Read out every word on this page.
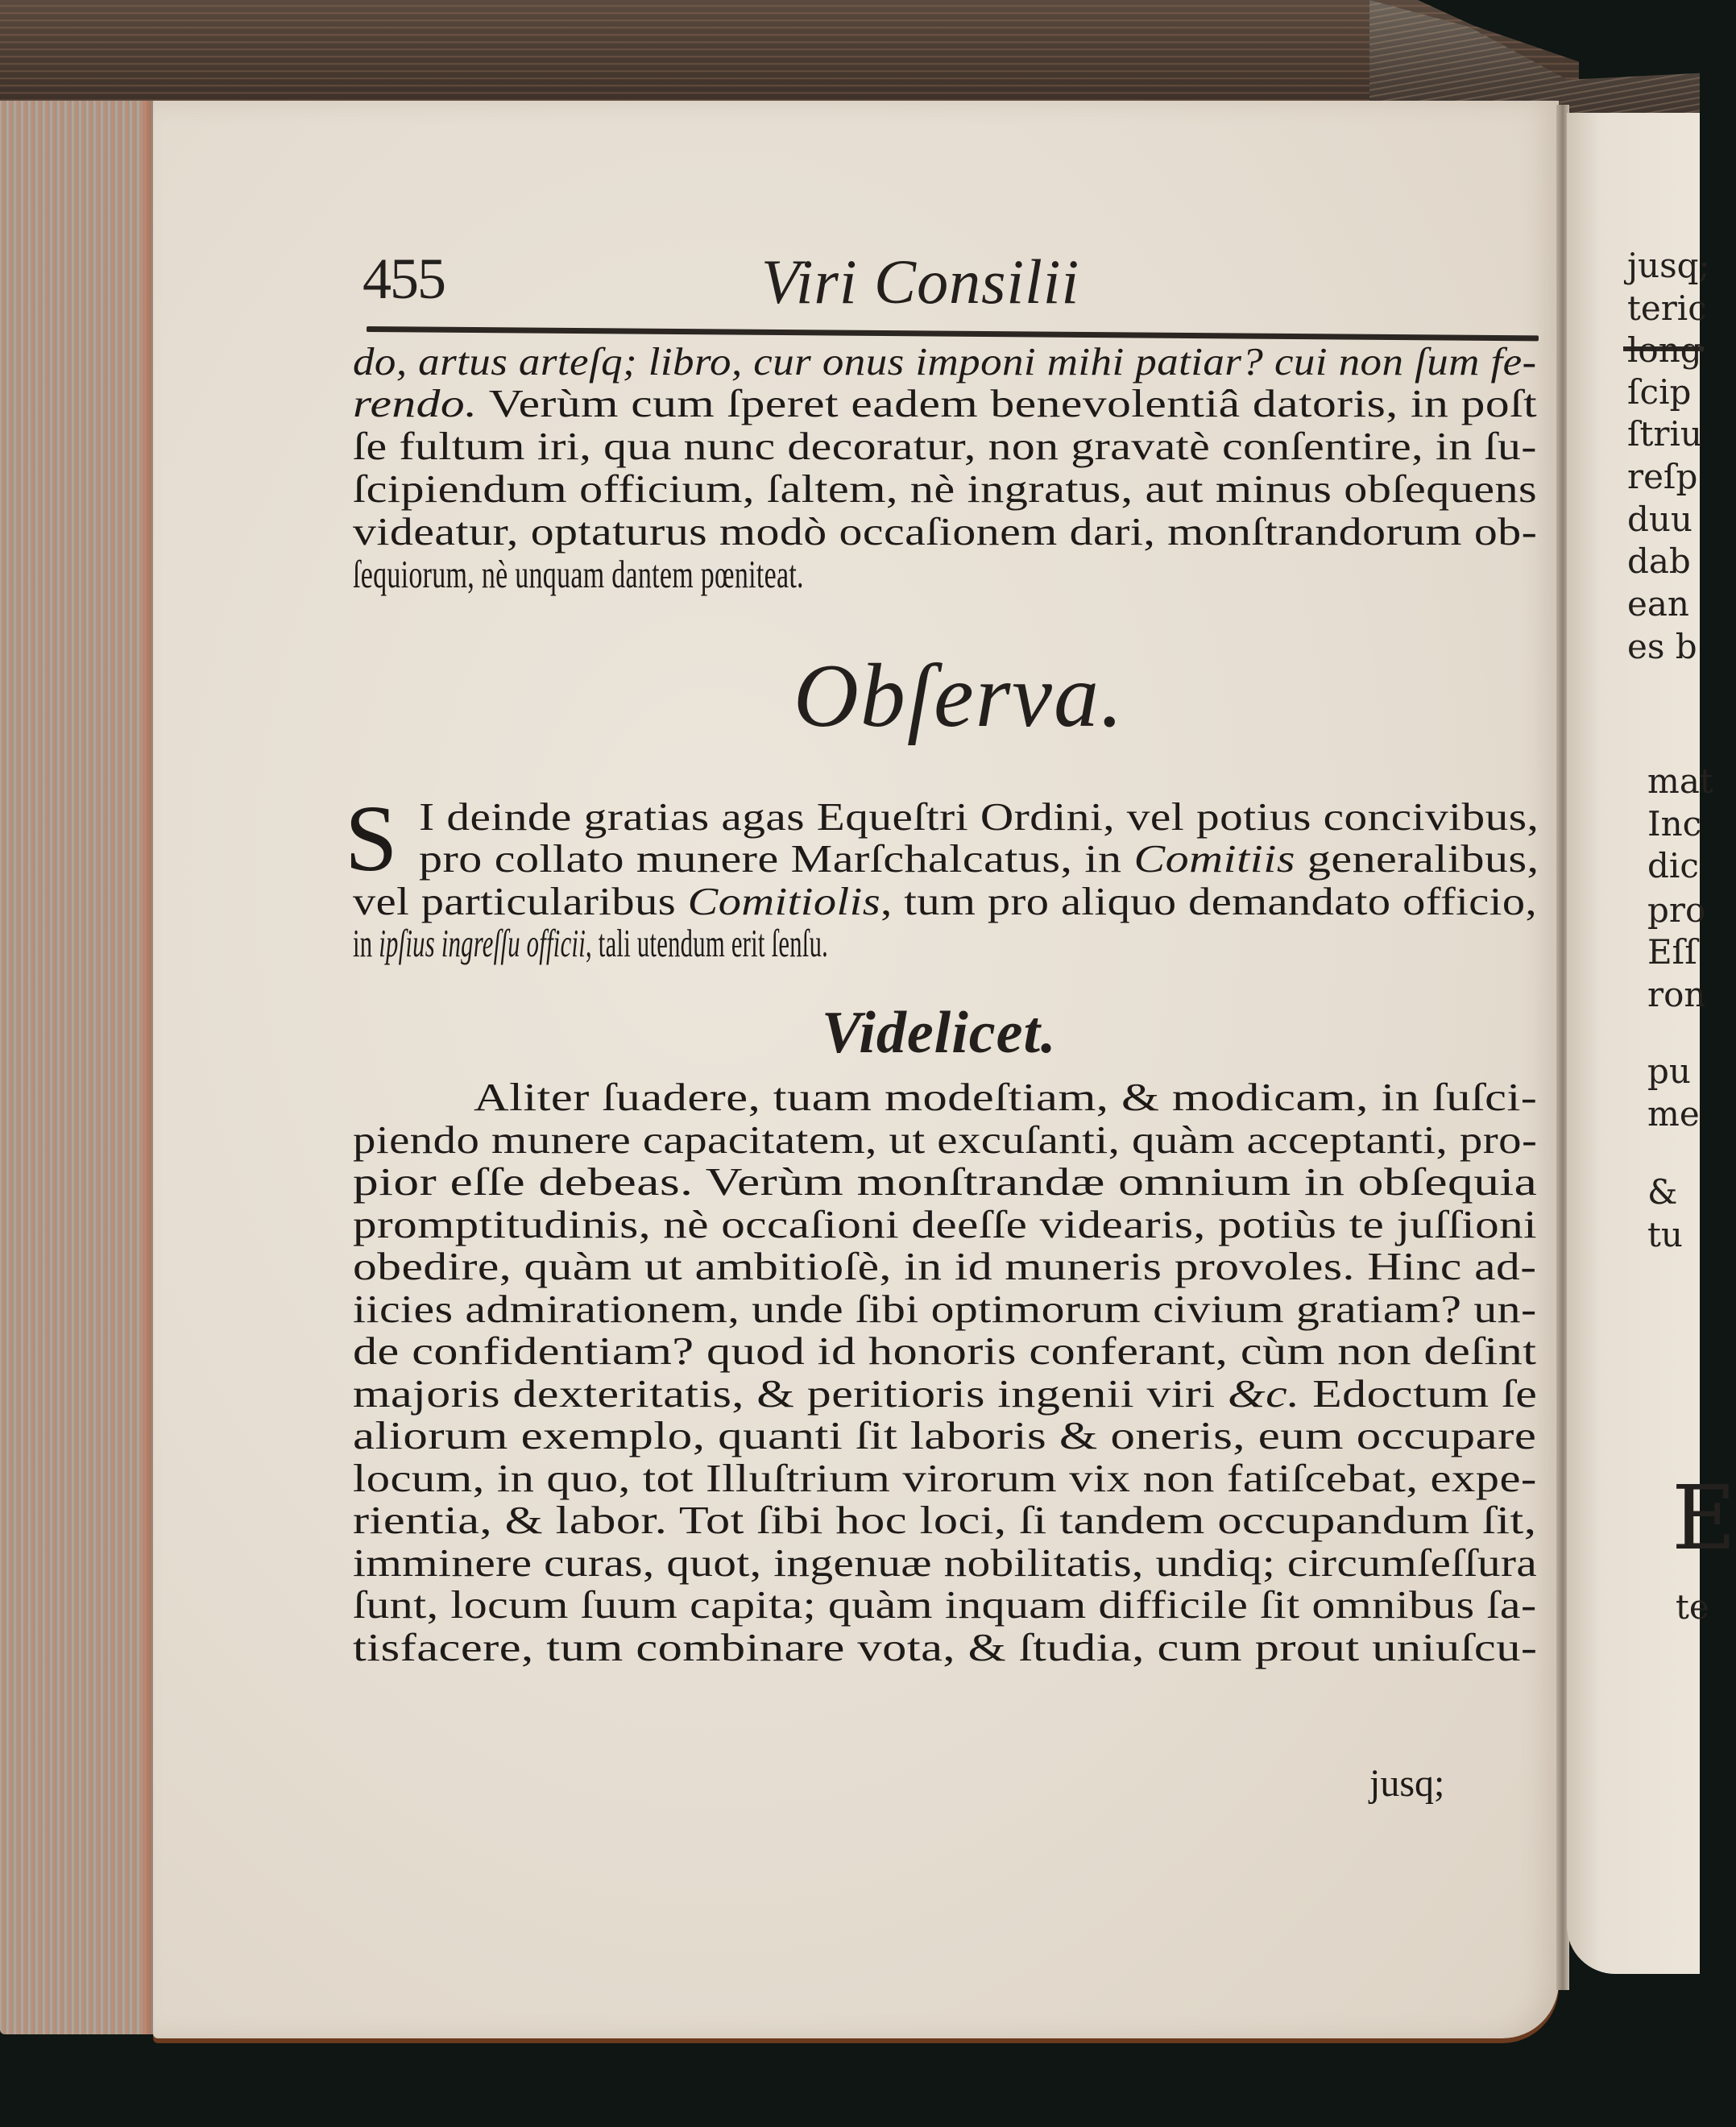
jusq;
teric
long
ſcip
ſtriu
reſp
duu
dab
ean
es b
mat
Inc
dic
pro
Eſſ
ron
pu
me
&
tu
E
te
455	Viri Consilii
do, artus arteſq; libro, cur onus imponi mihi patiar? cui non ſum fe-
rendo. Verùm cum ſperet eadem benevolentiâ datoris, in poſt
ſe fultum iri, qua nunc decoratur, non gravatè conſentire, in ſu-
ſcipiendum officium, ſaltem, nè ingratus, aut minus obſequens
videatur, optaturus modò occaſionem dari, monſtrandorum ob-
ſequiorum, nè unquam dantem pœniteat.
Obſerva.
S I deinde gratias agas Equeſtri Ordini, vel potius concivibus,
pro collato munere Marſchalcatus, in Comitiis generalibus,
vel particularibus Comitiolis, tum pro aliquo demandato officio,
in ipſius ingreſſu officii, tali utendum erit ſenſu.
Videlicet.
Aliter ſuadere, tuam modeſtiam, & modicam, in ſuſci-
piendo munere capacitatem, ut excuſanti, quàm acceptanti, pro-
pior eſſe debeas. Verùm monſtrandæ omnium in obſequia
promptitudinis, nè occaſioni deeſſe videaris, potiùs te juſſioni
obedire, quàm ut ambitioſè, in id muneris provoles. Hinc ad-
iicies admirationem, unde ſibi optimorum civium gratiam? un-
de confidentiam? quod id honoris conferant, cùm non deſint
majoris dexteritatis, & peritioris ingenii viri &c. Edoctum ſe
aliorum exemplo, quanti ſit laboris & oneris, eum occupare
locum, in quo, tot Illuſtrium virorum vix non fatiſcebat, expe-
rientia, & labor. Tot ſibi hoc loci, ſi tandem occupandum ſit,
imminere curas, quot, ingenuæ nobilitatis, undiq; circumſeſſura
ſunt, locum ſuum capita; quàm inquam difficile ſit omnibus ſa-
tisfacere, tum combinare vota, & ſtudia, cum prout uniuſcu-
jusq;
